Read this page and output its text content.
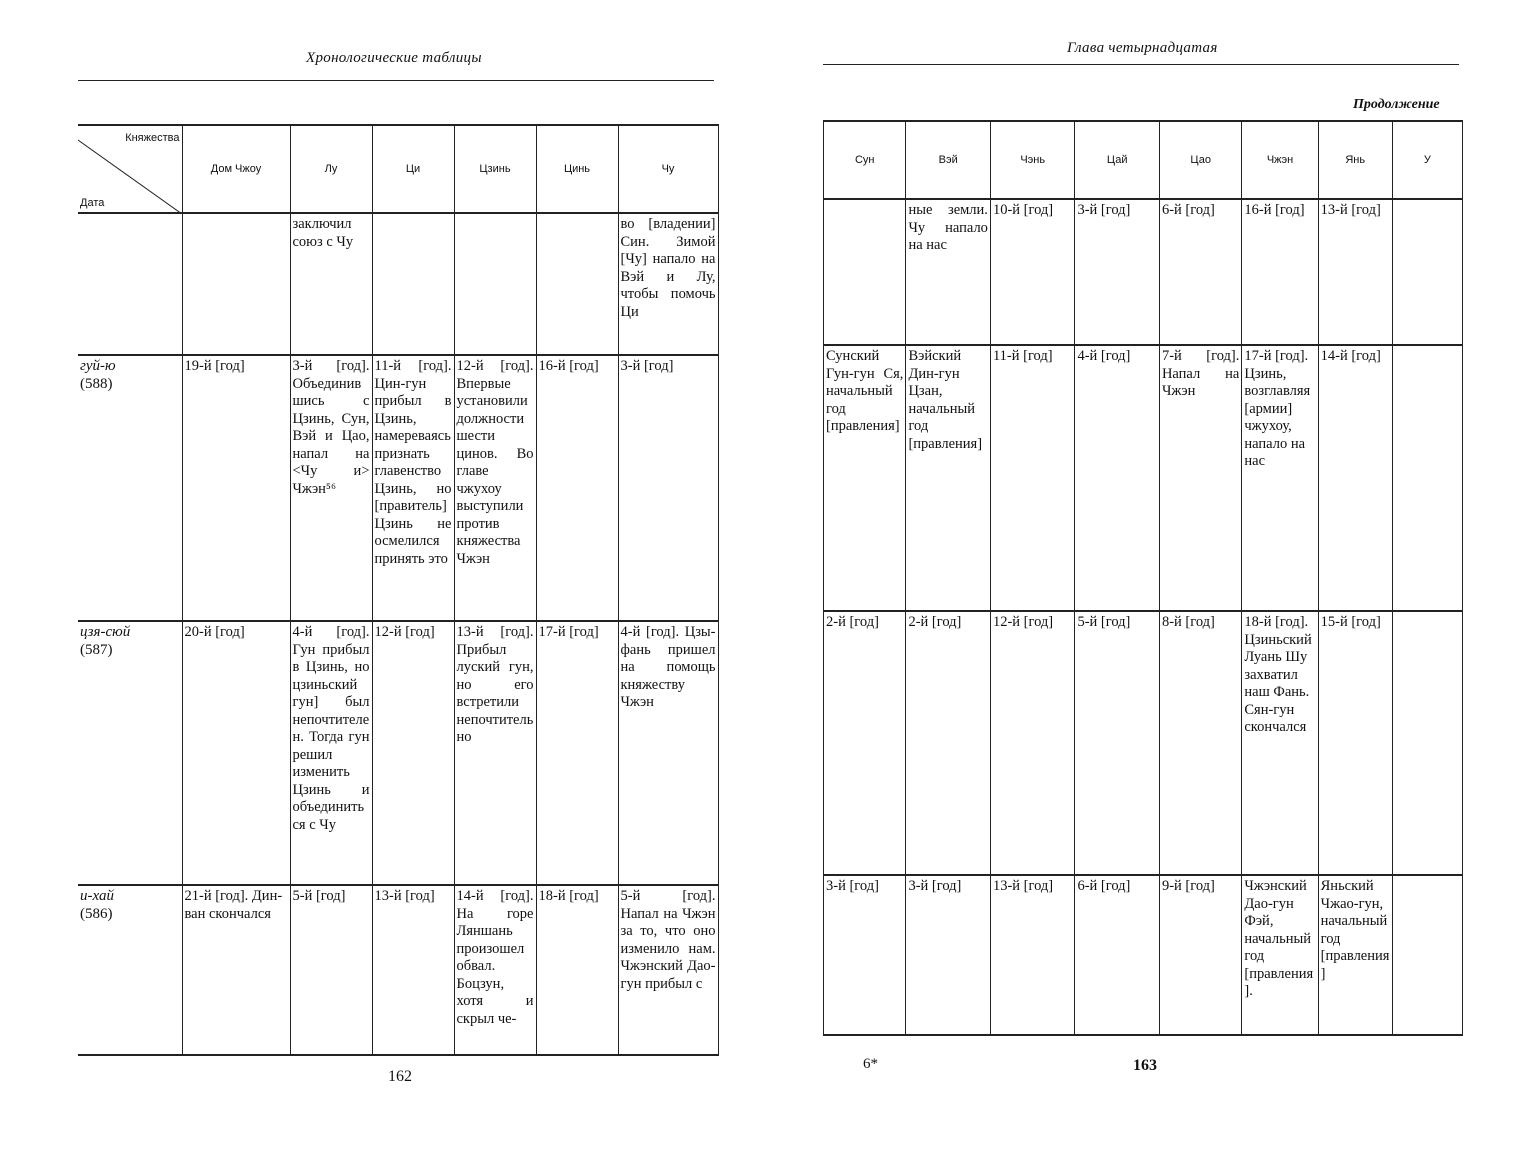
Хронологические таблицы
Княжества
Дата	Дом Чжоу	Лу	Ци	Цзинь	Цинь	Чу

		заключил союз с Чу				во [владении] Син. Зимой [Чу] напало на Вэй и Лу, чтобы помочь Ци

гуй-ю
(588)	19-й [год]	3-й [год]. Объединившись с Цзинь, Сун, Вэй и Цао, напал на <Чу и> Чжэн⁵⁶	11-й [год]. Цин-гун прибыл в Цзинь, намереваясь признать главенство Цзинь, но [правитель] Цзинь не осмелился принять это	12-й [год]. Впервые установили должности шести цинов. Во главе чжухоу выступили против княжества Чжэн	16-й [год]	3-й [год]

цзя-сюй
(587)	20-й [год]	4-й [год]. Гун прибыл в Цзинь, но цзиньский гун] был непочтителен. Тогда гун решил изменить Цзинь и объединиться с Чу	12-й [год]	13-й [год]. Прибыл луский гун, но его встретили непочтительно	17-й [год]	4-й [год]. Цзы-фань пришел на помощь княжеству Чжэн

и-хай
(586)	21-й [год]. Дин-ван скончался	5-й [год]	13-й [год]	14-й [год]. На горе Ляншань произошел обвал. Боцзун, хотя и скрыл че-	18-й [год]	5-й [год]. Напал на Чжэн за то, что оно изменило нам. Чжэнский Дао-гун прибыл с
162
Глава четырнадцатая
Продолжение
Сун	Вэй	Чэнь	Цай	Цао	Чжэн	Янь	У
	ные земли. Чу напало на нас	10-й [год]	3-й [год]	6-й [год]	16-й [год]	13-й [год]	
Сунский Гун-гун Ся, начальный год [правления]	Вэйский Дин-гун Цзан, начальный год [правления]	11-й [год]	4-й [год]	7-й [год]. Напал на Чжэн	17-й [год]. Цзинь, возглавляя [армии] чжухоу, напало на нас	14-й [год]	
2-й [год]	2-й [год]	12-й [год]	5-й [год]	8-й [год]	18-й [год]. Цзиньский Луань Шу захватил наш Фань. Сян-гун скончался	15-й [год]	
3-й [год]	3-й [год]	13-й [год]	6-й [год]	9-й [год]	Чжэнский Дао-гун Фэй, начальный год [правления].	Яньский Чжао-гун, начальный год [правления]	
6*	163
